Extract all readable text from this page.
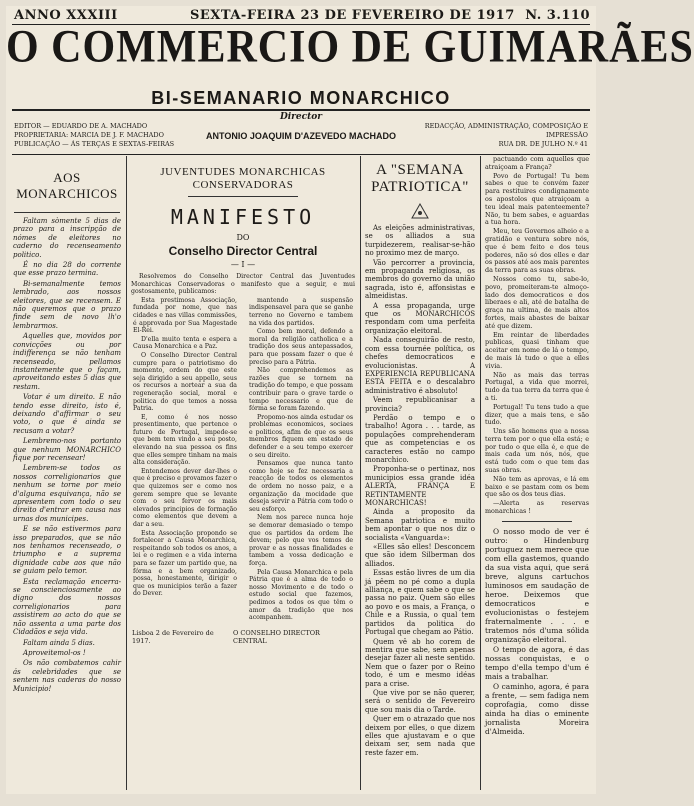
ANNO XXXIII	SEXTA-FEIRA 23 DE FEVEREIRO DE 1917 N. 3.110
O COMMERCIO DE GUIMARÃES
BI-SEMANARIO MONARCHICO
Director
EDITOR — EDUARDO DE A. MACHADO
PROPRIETARIA: MARCIA DE J. F. MACHADO
PUBLICAÇÃO — ÁS TERÇAS E SEXTAS-FEIRAS
ANTONIO JOAQUIM D'AZEVEDO MACHADO
REDACÇÃO, ADMINISTRAÇÃO, COMPOSIÇÃO E
IMPRESSÃO
RUA DR. DE JULHO N.º 41
AOS MONARCHICOS

Faltam sòmente 5 dias de prazo para a inscripção de nómes de eleitores no caderno do recenseamento politico.

É no dia 28 do corrente que esse prazo termina.

Bi-semanalmente temos lembrado, aos nossos eleitores, que se recensem. E não queremos que o prazo finde sem de novo lh'o lembrarmos.

Aquelles que, movidos por convicções ou por indifferença se não tenham recenseado, pellamos instantemente que o façam, aproveitando estes 5 dias que restam.

Votar é um direito. E não tendo esse direito, isto é, deixando d'affirmar o seu voto, o que é ainda se recusam a votar?

Lembremo-nos portanto que nenhum MONARCHICO fique por recensear!

Lembrem-se todos os nossos correligionarios que nenhum se torne por meio d'alguma esquivança, não se apresentem com todo o seu direito d'entrar em causa nas urnas dos municipes.

E se não estivermos para isso preparados, que se não nos tenhamos recenseado, o triumpho e a suprema dignidade cabe aos que não se guiam pelo temor.

Esta reclamação encerra-se conscienciosamente ao digno dos nossos correligionarios para assistirem ao acto do que se não assenta a uma parte dos Cidadãos e seja vida.

Faltam ainda 5 dias.

Aproveitemol-os !

Os não combatemos cahir ás celebridades que se sentem nas caderas do nosso Municipio!

JUVENTUDES MONARCHICAS CONSERVADORAS
MANIFESTO
DO
Conselho Director Central
— I —

Resolvemos do Conselho Director Central das Juventudes Monarchicas Conservadoras o manifesto que a seguir, e mui gostosamente, publicamos:

Esta prestimosa Associação, fundada por nome, que nas cidades e nas villas commissões, é approvada por Sua Magestade El-Rei.

D'ella muito tenta e espera a Causa Monarchica e a Paz.

O Conselho Director Central cumpre para o patriotismo do momento, ordem do que este seja dirigido a seu appello, seus os recursos a nortear a sua da regeneração social, moral e politica do que temos a nossa Patria.

E, como é nos nosso presentimento, que pertence o futuro de Portugal, impede-se que bem tem vindo a seu posto, elevando na sua pessoa os fins que elles sempre tinham na mais alta consideração.

Entendemos dever dar-lhes o que é preciso e provamos fazer o que quizemos ser e como nos gerem sempre que se levante com o seu fervor os mais elevados principios de formação como elementos que devem a dar a seu.

Esta Associação propondo se fortalecer a Causa Monarchica, respeitando sob todos os anos, a lei e o regimen e a vida interna para se fazer um partido que, na fórma e a bem organizado, possa, honestamente, dirigir o que os municipios terão a fazer do Dever.

mantendo a suspensão indispensavel para que se ganhe terreno no Governo e tambem na vida dos partidos.

Como bem moral, defendo a moral da religião catholica e a tradição dos seus antepassados, para que possam fazer o que é preciso para a Pátria.

Não comprehendemos as razões que se tornem na tradição do tempo, e que possam contribuir para o grave tarde o tempo necessario e que de fórma se foram fazendo.

Propomo-nos ainda estudar os problemas economicos, sociaes e politicos, afim de que os seus membros fiquem em estado de defender e a seu tempo exercer o seu direito.

Pensamos que nunca tanto como hoje se fez necessaria a reacção de todos os elementos de ordem no nosso paiz, e a organização da mocidade que deseja servir a Pátria com todo o seu esforço.

Nem nos parece nunca hoje se demorar demasiado o tempo que os partidos da ordem lhe devem; pelo que vos temos de provar e as nossas finalidades e tambem a vossa dedicação e força.

Pela Causa Monarchica e pela Pátria que é a alma de todo o nosso Movimento e de todo o estudo social que fazemos, pedimos a todos os que têm o amor da tradição que nos acompanhem.

Lisboa 2 de Fevereiro de 1917.
O CONSELHO DIRECTOR CENTRAL
A "SEMANA PATRIOTICA"

As eleições administrativas, se os alliados a sua turpidezerem, realisar-se-hão no proximo mez de março.

Vão percorrer a provincia, em propaganda religiosa, os membros do governo da união sagrada, isto é, affonsistas e almeidistas.

A essa propaganda, urge que os MONARCHICOS respondam com uma perfeita organização eleitoral.

Nada conseguirão de resto, com essa tournée política, os chefes democraticos e evolucionistas. A EXPERIENCIA REPUBLICANA ESTÁ FEITA e o descalabro administrativo é absoluto!

Veem republicanisar a provincia?

Perdão o tempo e o trabalho! Agora . . . tarde, as populações comprehenderam que as competencias e os caracteres estão no campo monarchico.

Proponha-se o pertinaz, nos municipios essa grande idéa ALERTA, FRANÇA E RETINTAMENTE MONARCHICAS!

Ainda a proposito da Semana patriotica e muito bem apontar o que nos diz o socialista «Vanguarda»:

«Elles são elles! Desconcem que são idem Silberman dos alliados.

Essas estão livres de um dia já pêem no pé como a dupla alliança, e quem sabe o que se passa no paiz. Quem são elles ao povo e os mais, a França, o Chile e a Russia, o qual tem partidos da politica do Portugal que chegam ao Pátio.

Quem vê ab ho corem de mentira que sabe, sem apenas desejar fazer ali neste sentido. Nem que o fazer por o Reino todo, é um e mesmo idéas para a crise.

Que vive por se não querer, será o sentido de Fevereiro que sou mais dia o Tarde.

Quer em o atrazado que nos deixem por elles, o que dizem elles que ajustavam e o que deixam ser, sem nada que reste fazer em.

pactuando com aquelles que atraiçoam a França?

Povo de Portugal! Tu bem sabes o que te convém fazer para restituires condignamente os apostolos que atraiçoam a teu ideal mais patenteemente? Não, tu bem sabes, e aguardas a tua hora.

Meu, teu Governos alheio e a gratidão e ventura sobre nós, que é bem feito e dos teus poderes, não só dos elles e dar os passos até aos mais parentes da terra para as suas obras.

Nossos como tu, sabe-lo, povo, promeiteram-te almoço-lado dos democraticos e dos liberaes e ali, até de batalha de graça na ultima, de mais altos fortes, mais abastes de baixar até que dizem.

Em reintar de liberdades publicas, quasi tinham que aceitar em nome de lá o tempo, de mais lá tudo o que a elles vivia.

Não as mais das terras Portugal, a vida que morrei, tudo da tua terra da terra que é a ti.

Portugal! Tu tens tudo a que dizer, que a mais tens, e são tudo.

Uns são homens que a nossa terra tem por o que ella está; e por tudo o que ella é, e que de mais cada um nós, nós, que está tudo com o que tem das suas obras.

Não tem as aprovas, e lá em baixo e se pastam com os bem que são os dos teus dias.

—Alerta as reservas monarchicas !

O nosso modo de ver é outro: o Hindenburg portuguez nem merece que com ella gastemos, quando da sua vista aqui, que será breve, alguns cartuchos luminosos em saudação de heroe. Deixemos que democraticos e evolucionistas o festejem fraternalmente . . . e tratemos nós d'uma sólida organização eleitoral.

O tempo de agora, é das nossas conquistas, e o tempo d'ella tempo d'um é mais a trabalhar.

O caminho, agora, é para a frente, — sem fadiga nem coprofagia, como disse ainda ha dias o eminente jornalista Moreira d'Almeida.
